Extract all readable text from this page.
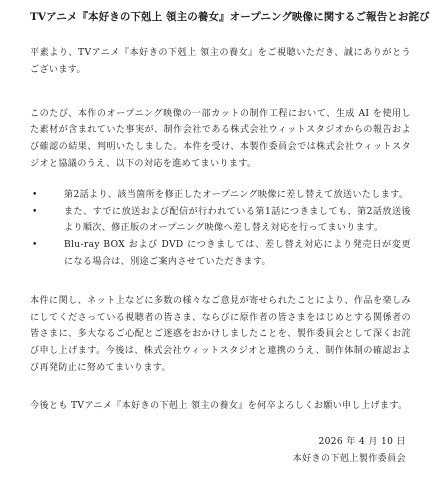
TVアニメ『本好きの下剋上 領主の養女』オープニング映像に関するご報告とお詫び

平素より、TVアニメ『本好きの下剋上 領主の養女』をご視聴いただき、誠にありがとうございます。

このたび、本作のオープニング映像の一部カットの制作工程において、生成 AI を使用した素材が含まれていた事実が、制作会社である株式会社ウィットスタジオからの報告および確認の結果、判明いたしました。本件を受け、本製作委員会では株式会社ウィットスタジオと協議のうえ、以下の対応を進めてまいります。

•	第2話より、該当箇所を修正したオープニング映像に差し替えて放送いたします。
•	また、すでに放送および配信が行われている第1話につきましても、第2話放送後より順次、修正版のオープニング映像へ差し替え対応を行ってまいります。
•	Blu-ray BOX および DVD につきましては、差し替え対応により発売日が変更になる場合は、別途ご案内させていただきます。

本件に関し、ネット上などに多数の様々なご意見が寄せられたことにより、作品を楽しみにしてくださっている視聴者の皆さま、ならびに原作者の皆さまをはじめとする関係者の皆さまに、多大なるご心配とご迷惑をおかけしましたことを、製作委員会として深くお詫び申し上げます。今後は、株式会社ウィットスタジオと連携のうえ、制作体制の確認および再発防止に努めてまいります。

今後とも TVアニメ『本好きの下剋上 領主の養女』を何卒よろしくお願い申し上げます。

2026 年 4 月 10 日
本好きの下剋上製作委員会
